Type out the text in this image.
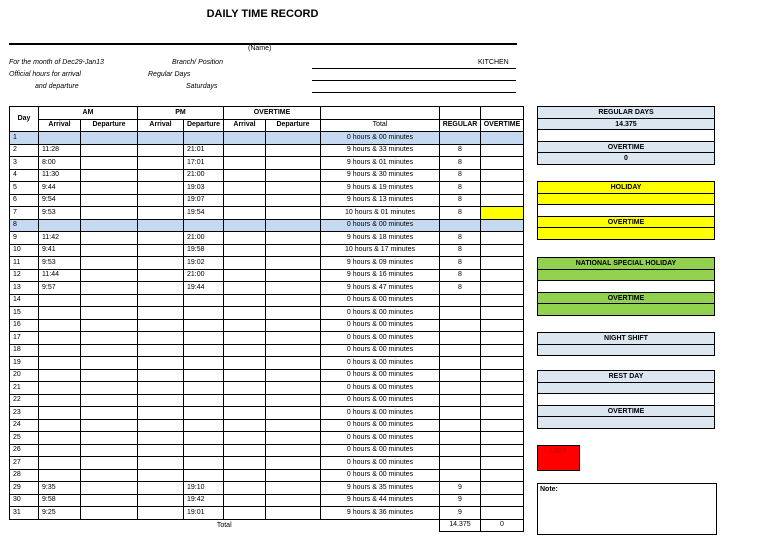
DAILY TIME RECORD
(Name)
For the month of Dec29-Jan13	Branch/ Position	KITCHEN
Official hours for arrival	Regular Days
and departure	Saturdays
Day	AM		PM		OVERTIME				
	Arrival	Departure	Arrival	Departure	Arrival	Departure	Total	REGULAR	OVERTIME
1							0 hours & 00 minutes		
2	11:28			21:01			9 hours & 33 minutes	8	
3	8:00			17:01			9 hours & 01 minutes	8	
4	11:30			21:00			9 hours & 30 minutes	8	
5	9:44			19:03			9 hours & 19 minutes	8	
6	9:54			19:07			9 hours & 13 minutes	8	
7	9:53			19:54			10 hours & 01 minutes	8	
8							0 hours & 00 minutes		
9	11:42			21:00			9 hours & 18 minutes	8	
10	9:41			19:58			10 hours & 17 minutes	8	
11	9:53			19:02			9 hours & 09 minutes	8	
12	11:44			21:00			9 hours & 16 minutes	8	
13	9:57			19:44			9 hours & 47 minutes	8	
14							0 hours & 00 minutes		
15							0 hours & 00 minutes		
16							0 hours & 00 minutes		
17							0 hours & 00 minutes		
18							0 hours & 00 minutes		
19							0 hours & 00 minutes		
20							0 hours & 00 minutes		
21							0 hours & 00 minutes		
22							0 hours & 00 minutes		
23							0 hours & 00 minutes		
24							0 hours & 00 minutes		
25							0 hours & 00 minutes		
26							0 hours & 00 minutes		
27							0 hours & 00 minutes		
28							0 hours & 00 minutes		
29	9:35			19:10			9 hours & 35 minutes	9	
30	9:58			19:42			9 hours & 44 minutes	9	
31	9:25			19:01			9 hours & 36 minutes	9	
Total								14.375	0
REGULAR DAYS
14.375
OVERTIME
0
HOLIDAY
OVERTIME
NATIONAL SPECIAL HOLIDAY
OVERTIME
NIGHT SHIFT
REST DAY
OVERTIME
LATE
Note:
